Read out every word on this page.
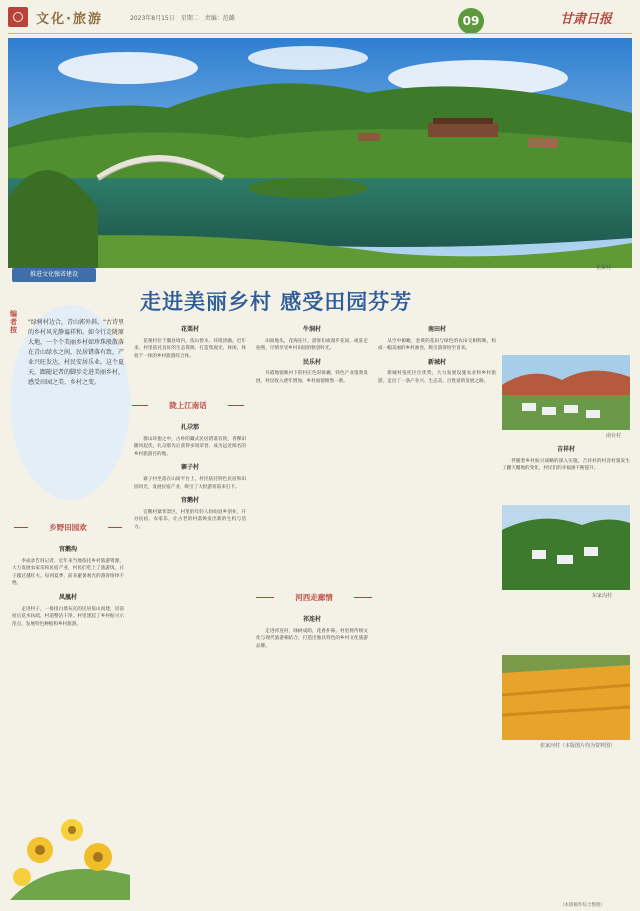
文化·旅游	2023年8月15日　星期二　责编：范璐	09	甘肃日报
花栗村
推进文化强省建设
走进美丽乡村 感受田园芬芳
编者按
"绿树村边合，青山郭外斜。"古诗里的乡村风光静谧祥和。如今行走陇原大地，一个个美丽乡村如珍珠般散落在青山绿水之间，民居错落有致，产业兴旺发达，村民安居乐业。这个夏天，跟随记者的脚步走进美丽乡村，感受田园之美、乡村之变。
乡野田园欢
陇上江南话
河西走廊情
官鹅沟

李成录告诉记者，近年来当地依托乡村旅游资源，大力发展农家乐和民宿产业，村民们吃上了旅游饭，日子越过越红火。每到夏季，前来避暑观光的游客络绎不绝。

凤凰村

走进村子，一排排白墙灰瓦的民居依山而建，房前屋后花木扶疏，村道整洁干净。村里建起了乡村振兴示范点，发展特色种植和乡村旅游。

花栗村

花栗村位于徽县境内，依山傍水，环境清幽。近年来，村里依托良好的生态资源，打造集观光、休闲、体验于一体的乡村旅游综合体。

扎尕那

群山环抱之中，古朴的藏式民居错落有致，青稞田随风起伏。扎尕那先后获得多项荣誉，成为远近闻名的乡村旅游目的地。

寨子村

寨子村坐落在山间平台上，村民依托特色民居和田园风光，发展民宿产业，吸引了大批游客前来打卡。

官鹅村

官鹅村紧邻景区，村里的年轻人纷纷返乡创业，开办民宿、农家乐，让古老的村落焕发出新的生机与活力。

牛洞村

田间地头，花海连片。游客们或漫步花间，或驻足拍照，尽情享受乡村田园的惬意时光。

民乐村

丹霞地貌映衬下的村庄色彩斑斓，特色产业蓬勃发展，村民收入逐年增加，乡村面貌焕然一新。

祁连村

走进祁连村，绿树成荫，花香扑鼻。村里将传统文化与现代旅游相结合，打造出独具特色的乡村文化旅游品牌。

南田村

从空中俯瞰，金黄的花田与绿色的农田交相辉映，构成一幅美丽的乡村画卷，吸引游客纷至沓来。

新城村

新城村依托区位优势，大力发展设施农业和乡村旅游，走出了一条产业兴、生态美、百姓富的发展之路。

南台村
吉祥村

伴随着乡村振兴战略的深入实施，吉祥村的村容村貌发生了翻天覆地的变化，村民们的幸福感不断提升。

东家沟村
张家河村（本版图片均为资料图）
（本版稿件综合整理）
